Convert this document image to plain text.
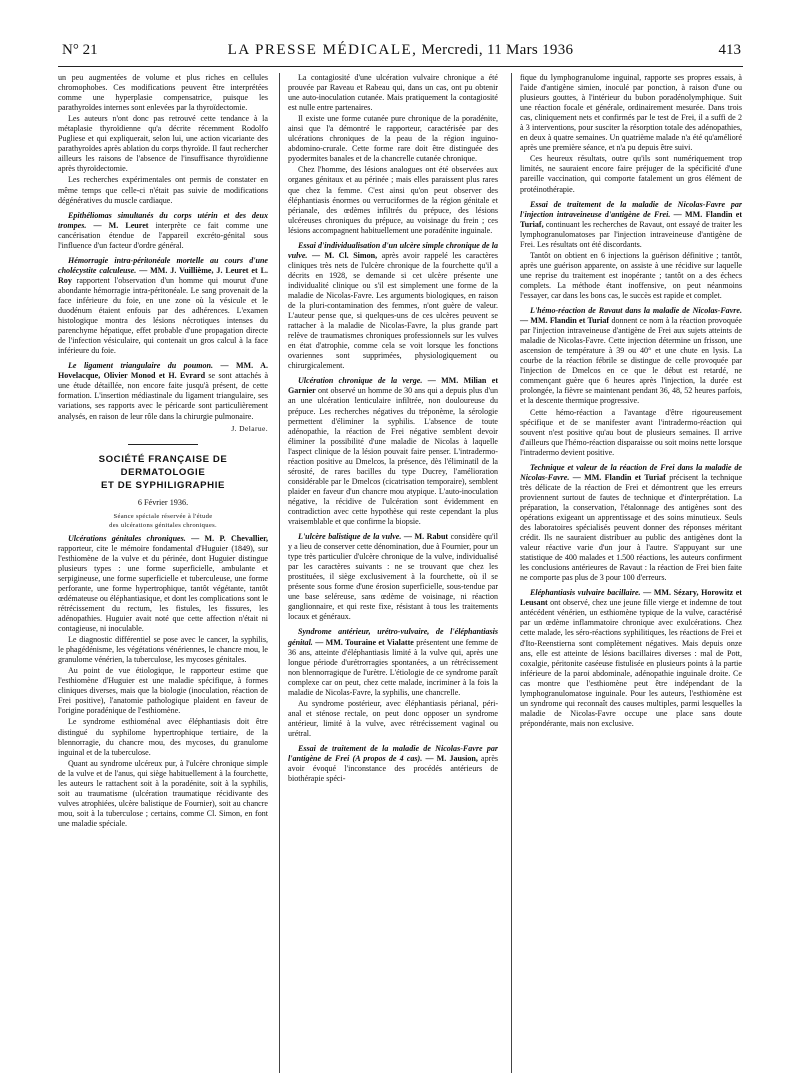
N° 21	LA PRESSE MÉDICALE, Mercredi, 11 Mars 1936	413

un peu augmentées de volume et plus riches en cellules chromophobes. Ces modifications peuvent être interprétées comme une hyperplasie compensatrice, puisque les parathyroïdes internes sont enlevées par la thyroïdectomie.

Les auteurs n'ont donc pas retrouvé cette tendance à la métaplasie thyroïdienne qu'a décrite récemment Rodolfo Pugliese et qui expliquerait, selon lui, une action vicariante des parathyroïdes après ablation du corps thyroïde. Il faut rechercher ailleurs les raisons de l'absence de l'insuffisance thyroïdienne après thyroïdectomie.

Les recherches expérimentales ont permis de constater en même temps que celle-ci n'était pas suivie de modifications dégénératives du muscle cardiaque.

Epithéliomas simultanés du corps utérin et des deux trompes. — M. Leuret interprète ce fait comme une cancérisation étendue de l'appareil excréto-génital sous l'influence d'un facteur d'ordre général.

Hémorragie intra-péritonéale mortelle au cours d'une cholécystite calculeuse. — MM. J. Vuillième, J. Leuret et L. Roy rapportent l'observation d'un homme qui mourut d'une abondante hémorragie intra-péritonéale. Le sang provenait de la face inférieure du foie, en une zone où la vésicule et le duodénum étaient enfouis par des adhérences. L'examen histologique montra des lésions nécrotiques intenses du parenchyme hépatique, effet probable d'une propagation directe de l'infection vésiculaire, qui contenait un gros calcul à la face inférieure du foie.

Le ligament triangulaire du poumon. — MM. A. Hovelacque, Olivier Monod et H. Evrard se sont attachés à une étude détaillée, non encore faite jusqu'à présent, de cette formation. L'insertion médiastinale du ligament triangulaire, ses variations, ses rapports avec le péricarde sont particulièrement analysés, en raison de leur rôle dans la chirurgie pulmonaire.

J. Delarue.
SOCIÉTÉ FRANÇAISE DE DERMATOLOGIE
ET DE SYPHILIGRAPHIE
6 Février 1936.
Séance spéciale réservée à l'étude
des ulcérations génitales chroniques.

Ulcérations génitales chroniques. — M. P. Chevallier, rapporteur, cite le mémoire fondamental d'Huguier (1849), sur l'esthiomène de la vulve et du périnée, dont Huguier distingue plusieurs types : une forme superficielle, ambulante et serpigineuse, une forme superficielle et tuberculeuse, une forme perforante, une forme hypertrophique, tantôt végétante, tantôt œdémateuse ou éléphantiasique, et dont les complications sont le rétrécissement du rectum, les fistules, les fissures, les adénopathies. Huguier avait noté que cette affection n'était ni contagieuse, ni inoculable.

Le diagnostic différentiel se pose avec le cancer, la syphilis, le phagédénisme, les végétations vénériennes, le chancre mou, le granulome vénérien, la tuberculose, les mycoses génitales.

Au point de vue étiologique, le rapporteur estime que l'esthiomène d'Huguier est une maladie spécifique, à formes cliniques diverses, mais que la biologie (inoculation, réaction de Frei positive), l'anatomie pathologique plaident en faveur de l'origine poradénique de l'esthiomène.

Le syndrome esthioménal avec éléphantiasis doit être distingué du syphilome hypertrophique tertiaire, de la blennorragie, du chancre mou, des mycoses, du granulome inguinal et de la tuberculose.

Quant au syndrome ulcéreux pur, à l'ulcère chronique simple de la vulve et de l'anus, qui siège habituellement à la fourchette, les auteurs le rattachent soit à la poradénite, soit à la syphilis, soit au traumatisme (ulcération traumatique récidivante des vulves atrophiées, ulcère balistique de Fournier), soit au chancre mou, soit à la tuberculose ; certains, comme Cl. Simon, en font une maladie spéciale.

La contagiosité d'une ulcération vulvaire chronique a été prouvée par Raveau et Rabeau qui, dans un cas, ont pu obtenir une auto-inoculation cutanée. Mais pratiquement la contagiosité est nulle entre partenaires.

Il existe une forme cutanée pure chronique de la poradénite, ainsi que l'a démontré le rapporteur, caractérisée par des ulcérations chroniques de la peau de la région inguino-abdomino-crurale. Cette forme rare doit être distinguée des pyodermites banales et de la chancrelle cutanée chronique.

Chez l'homme, des lésions analogues ont été observées aux organes génitaux et au périnée ; mais elles paraissent plus rares que chez la femme. C'est ainsi qu'on peut observer des éléphantiasis énormes ou verruciformes de la région génitale et périanale, des œdèmes infiltrés du prépuce, des lésions ulcéreuses chroniques du prépuce, au voisinage du frein ; ces lésions accompagnent habituellement une poradénite inguinale.

Essai d'individualisation d'un ulcère simple chronique de la vulve. — M. Cl. Simon, après avoir rappelé les caractères cliniques très nets de l'ulcère chronique de la fourchette qu'il a décrits en 1928, se demande si cet ulcère présente une individualité clinique ou s'il est simplement une forme de la maladie de Nicolas-Favre. Les arguments biologiques, en raison de la pluri-contamination des femmes, n'ont guère de valeur. L'auteur pense que, si quelques-uns de ces ulcères peuvent se rattacher à la maladie de Nicolas-Favre, la plus grande part relève de traumatismes chroniques professionnels sur les vulves en état d'atrophie, comme cela se voit lorsque les fonctions ovariennes sont supprimées, physiologiquement ou chirurgicalement.

Ulcération chronique de la verge. — MM. Milian et Garnier ont observé un homme de 30 ans qui a depuis plus d'un an une ulcération lenticulaire infiltrée, non douloureuse du prépuce. Les recherches négatives du tréponème, la sérologie permettent d'éliminer la syphilis. L'absence de toute adénopathie, la réaction de Frei négative semblent devoir éliminer la possibilité d'une maladie de Nicolas à laquelle l'aspect clinique de la lésion pouvait faire penser. L'intradermo-réaction positive au Dmelcos, la présence, dès l'éliminatil de la sérosité, de rares bacilles du type Ducrey, l'amélioration considérable par le Dmelcos (cicatrisation temporaire), semblent plaider en faveur d'un chancre mou atypique. L'auto-inoculation négative, la récidive de l'ulcération sont évidemment en contradiction avec cette hypothèse qui reste cependant la plus vraisemblable et que confirme la biopsie.

L'ulcère balistique de la vulve. — M. Rabut considère qu'il y a lieu de conserver cette dénomination, due à Fournier, pour un type très particulier d'ulcère chronique de la vulve, individualisé par les caractères suivants : ne se trouvant que chez les prostituées, il siège exclusivement à la fourchette, où il se présente sous forme d'une érosion superficielle, sous-tendue par une base seléreuse, sans œdème de voisinage, ni réaction ganglionnaire, et qui reste fixe, résistant à tous les traitements locaux et généraux.

Syndrome antérieur, urétro-vulvaire, de l'éléphantiasis génital. — MM. Touraine et Vialatte présentent une femme de 36 ans, atteinte d'éléphantiasis limité à la vulve qui, après une longue période d'urétrorragies spontanées, a un rétrécissement non blennorragique de l'urètre. L'étiologie de ce syndrome paraît complexe car on peut, chez cette malade, incriminer à la fois la maladie de Nicolas-Favre, la syphilis, une chancrelle.

Au syndrome postérieur, avec éléphantiasis périanal, péri-anal et sténose rectale, on peut donc opposer un syndrome antérieur, limité à la vulve, avec rétrécissement vaginal ou urétral.

Essai de traitement de la maladie de Nicolas-Favre par l'antigène de Frei (A propos de 4 cas). — M. Jausion, après avoir évoqué l'inconstance des procédés antérieurs de biothérapie spéci-

fique du lymphogranulome inguinal, rapporte ses propres essais, à l'aide d'antigène simien, inoculé par ponction, à raison d'une ou plusieurs gouttes, à l'intérieur du bubon poradénolymphique. Suit une réaction focale et générale, ordinairement mesurée. Dans trois cas, cliniquement nets et confirmés par le test de Frei, il a suffi de 2 à 3 interventions, pour susciter la résorption totale des adénopathies, en deux à quatre semaines. Un quatrième malade n'a été qu'amélioré après une première séance, et n'a pu depuis être suivi.

Ces heureux résultats, outre qu'ils sont numériquement trop limités, ne sauraient encore faire préjuger de la spécificité d'une pareille vaccination, qui comporte fatalement un gros élément de protéinothérapie.

Essai de traitement de la maladie de Nicolas-Favre par l'injection intraveineuse d'antigène de Frei. — MM. Flandin et Turiaf, continuant les recherches de Ravaut, ont essayé de traiter les lymphogranulomatoses par l'injection intraveineuse d'antigène de Frei. Les résultats ont été discordants.

Tantôt on obtient en 6 injections la guérison définitive ; tantôt, après une guérison apparente, on assiste à une récidive sur laquelle une reprise du traitement est inopérante ; tantôt on a des échecs complets. La méthode étant inoffensive, on peut néanmoins l'essayer, car dans les bons cas, le succès est rapide et complet.

L'hémo-réaction de Ravaut dans la maladie de Nicolas-Favre. — MM. Flandin et Turiaf donnent ce nom à la réaction provoquée par l'injection intraveineuse d'antigène de Frei aux sujets atteints de maladie de Nicolas-Favre. Cette injection détermine un frisson, une ascension de température à 39 ou 40° et une chute en lysis. La courbe de la réaction fébrile se distingue de celle provoquée par l'injection de Dmelcos en ce que le début est retardé, ne commençant guère que 6 heures après l'injection, la durée est prolongée, la fièvre se maintenant pendant 36, 48, 52 heures parfois, et la descente thermique progressive.

Cette hémo-réaction a l'avantage d'être rigoureusement spécifique et de se manifester avant l'intradermo-réaction qui souvent n'est positive qu'au bout de plusieurs semaines. Il arrive d'ailleurs que l'hémo-réaction disparaisse ou soit moins nette lorsque l'intradermo devient positive.

Technique et valeur de la réaction de Frei dans la maladie de Nicolas-Favre. — MM. Flandin et Turiaf précisent la technique très délicate de la réaction de Frei et démontrent que les erreurs proviennent surtout de fautes de technique et d'interprétation. La préparation, la conservation, l'étalonnage des antigènes sont des opérations exigeant un apprentissage et des soins minutieux. Seuls des laboratoires spécialisés peuvent donner des réponses méritant crédit. Ils ne sauraient distribuer au public des antigènes dont la valeur réactive varie d'un jour à l'autre. S'appuyant sur une statistique de 400 malades et 1.500 réactions, les auteurs confirment les conclusions antérieures de Ravaut : la réaction de Frei bien faite ne comporte pas plus de 3 pour 100 d'erreurs.

Eléphantiasis vulvaire bacillaire. — MM. Sézary, Horowitz et Leusant ont observé, chez une jeune fille vierge et indemne de tout antécédent vénérien, un esthiomène typique de la vulve, caractérisé par un œdème inflammatoire chronique avec exulcérations. Chez cette malade, les séro-réactions syphilitiques, les réactions de Frei et d'Ito-Reenstierna sont complètement négatives. Mais depuis onze ans, elle est atteinte de lésions bacillaires diverses : mal de Pott, coxalgie, péritonite caséeuse fistulisée en plusieurs points à la partie inférieure de la paroi abdominale, adénopathie inguinale droite. Ce cas montre que l'esthiomène peut être indépendant de la lymphogranulomatose inguinale. Pour les auteurs, l'esthiomène est un syndrome qui reconnaît des causes multiples, parmi lesquelles la maladie de Nicolas-Favre occupe une place sans doute prépondérante, mais non exclusive.
